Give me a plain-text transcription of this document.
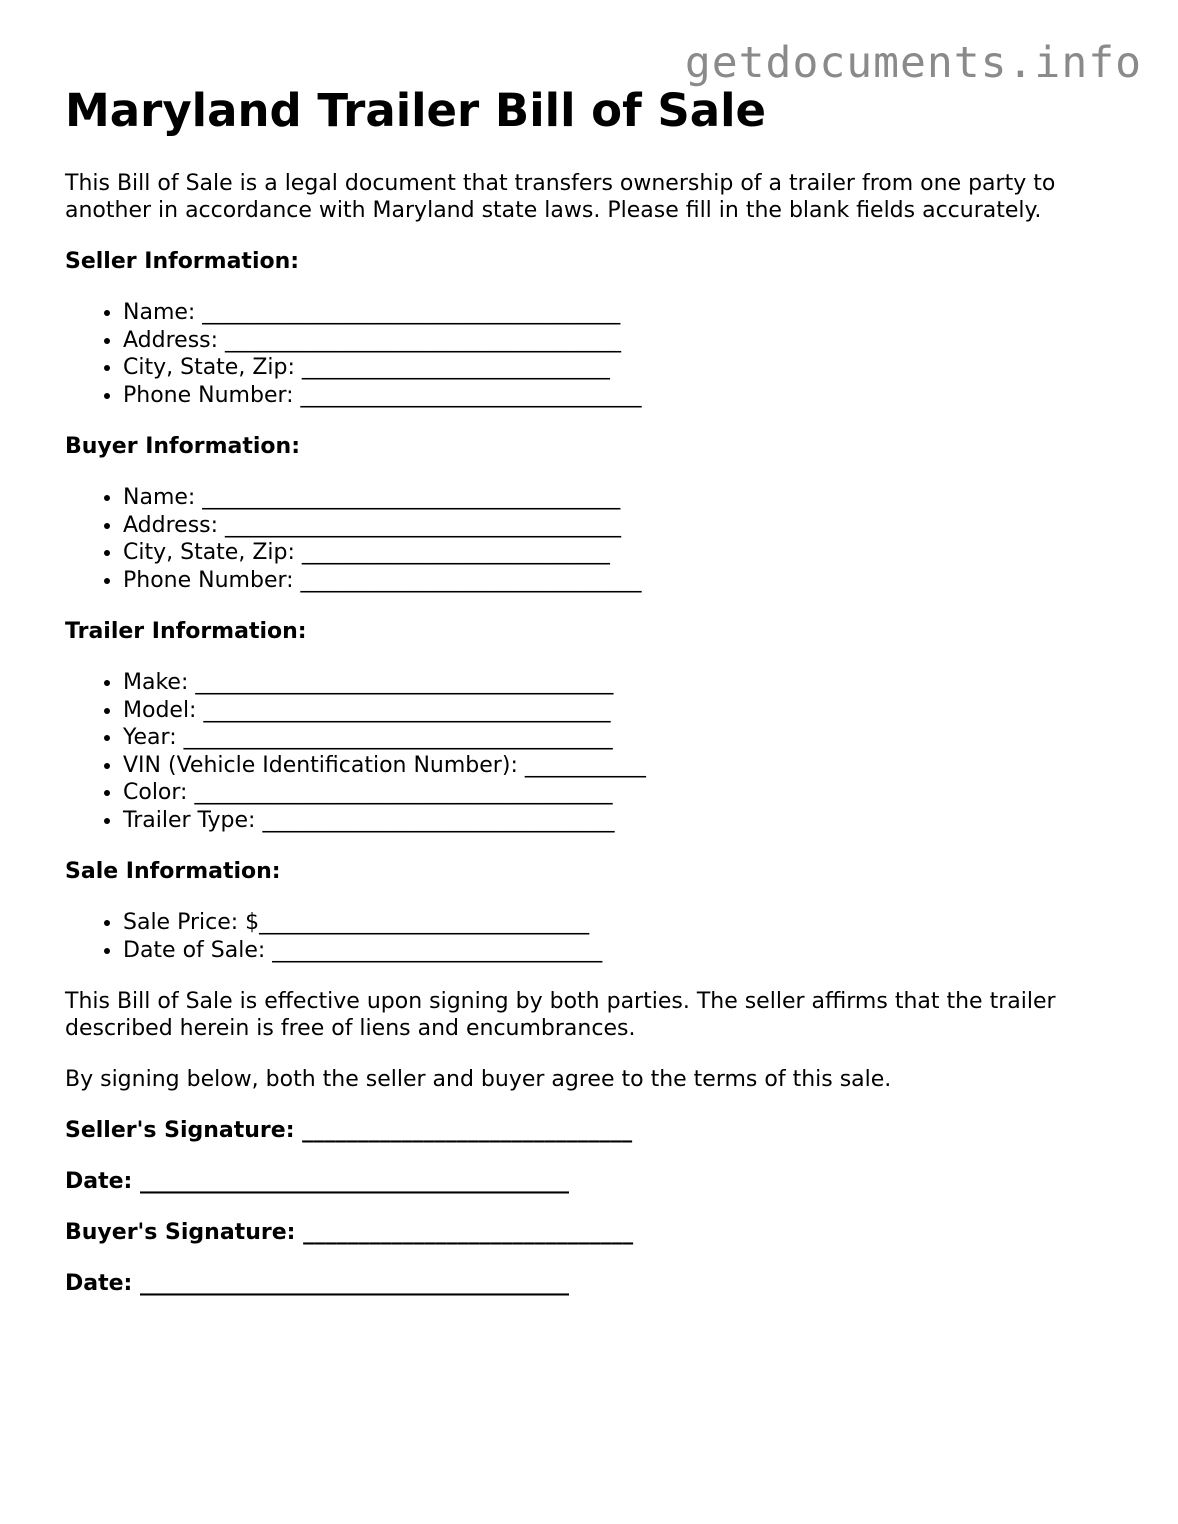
getdocuments.info
Maryland Trailer Bill of Sale

This Bill of Sale is a legal document that transfers ownership of a trailer from one party to another in accordance with Maryland state laws. Please fill in the blank fields accurately.

Seller Information:
• Name: ______________________________________
• Address: ____________________________________
• City, State, Zip: ____________________________
• Phone Number: _______________________________
Buyer Information:
• Name: ______________________________________
• Address: ____________________________________
• City, State, Zip: ____________________________
• Phone Number: _______________________________
Trailer Information:
• Make: ______________________________________
• Model: _____________________________________
• Year: _______________________________________
• VIN (Vehicle Identification Number): ___________
• Color: ______________________________________
• Trailer Type: ________________________________
Sale Information:
• Sale Price: $______________________________
• Date of Sale: ______________________________

This Bill of Sale is effective upon signing by both parties. The seller affirms that the trailer described herein is free of liens and encumbrances.

By signing below, both the seller and buyer agree to the terms of this sale.

Seller's Signature: ______________________________
Date: _______________________________________
Buyer's Signature: ______________________________
Date: _______________________________________
